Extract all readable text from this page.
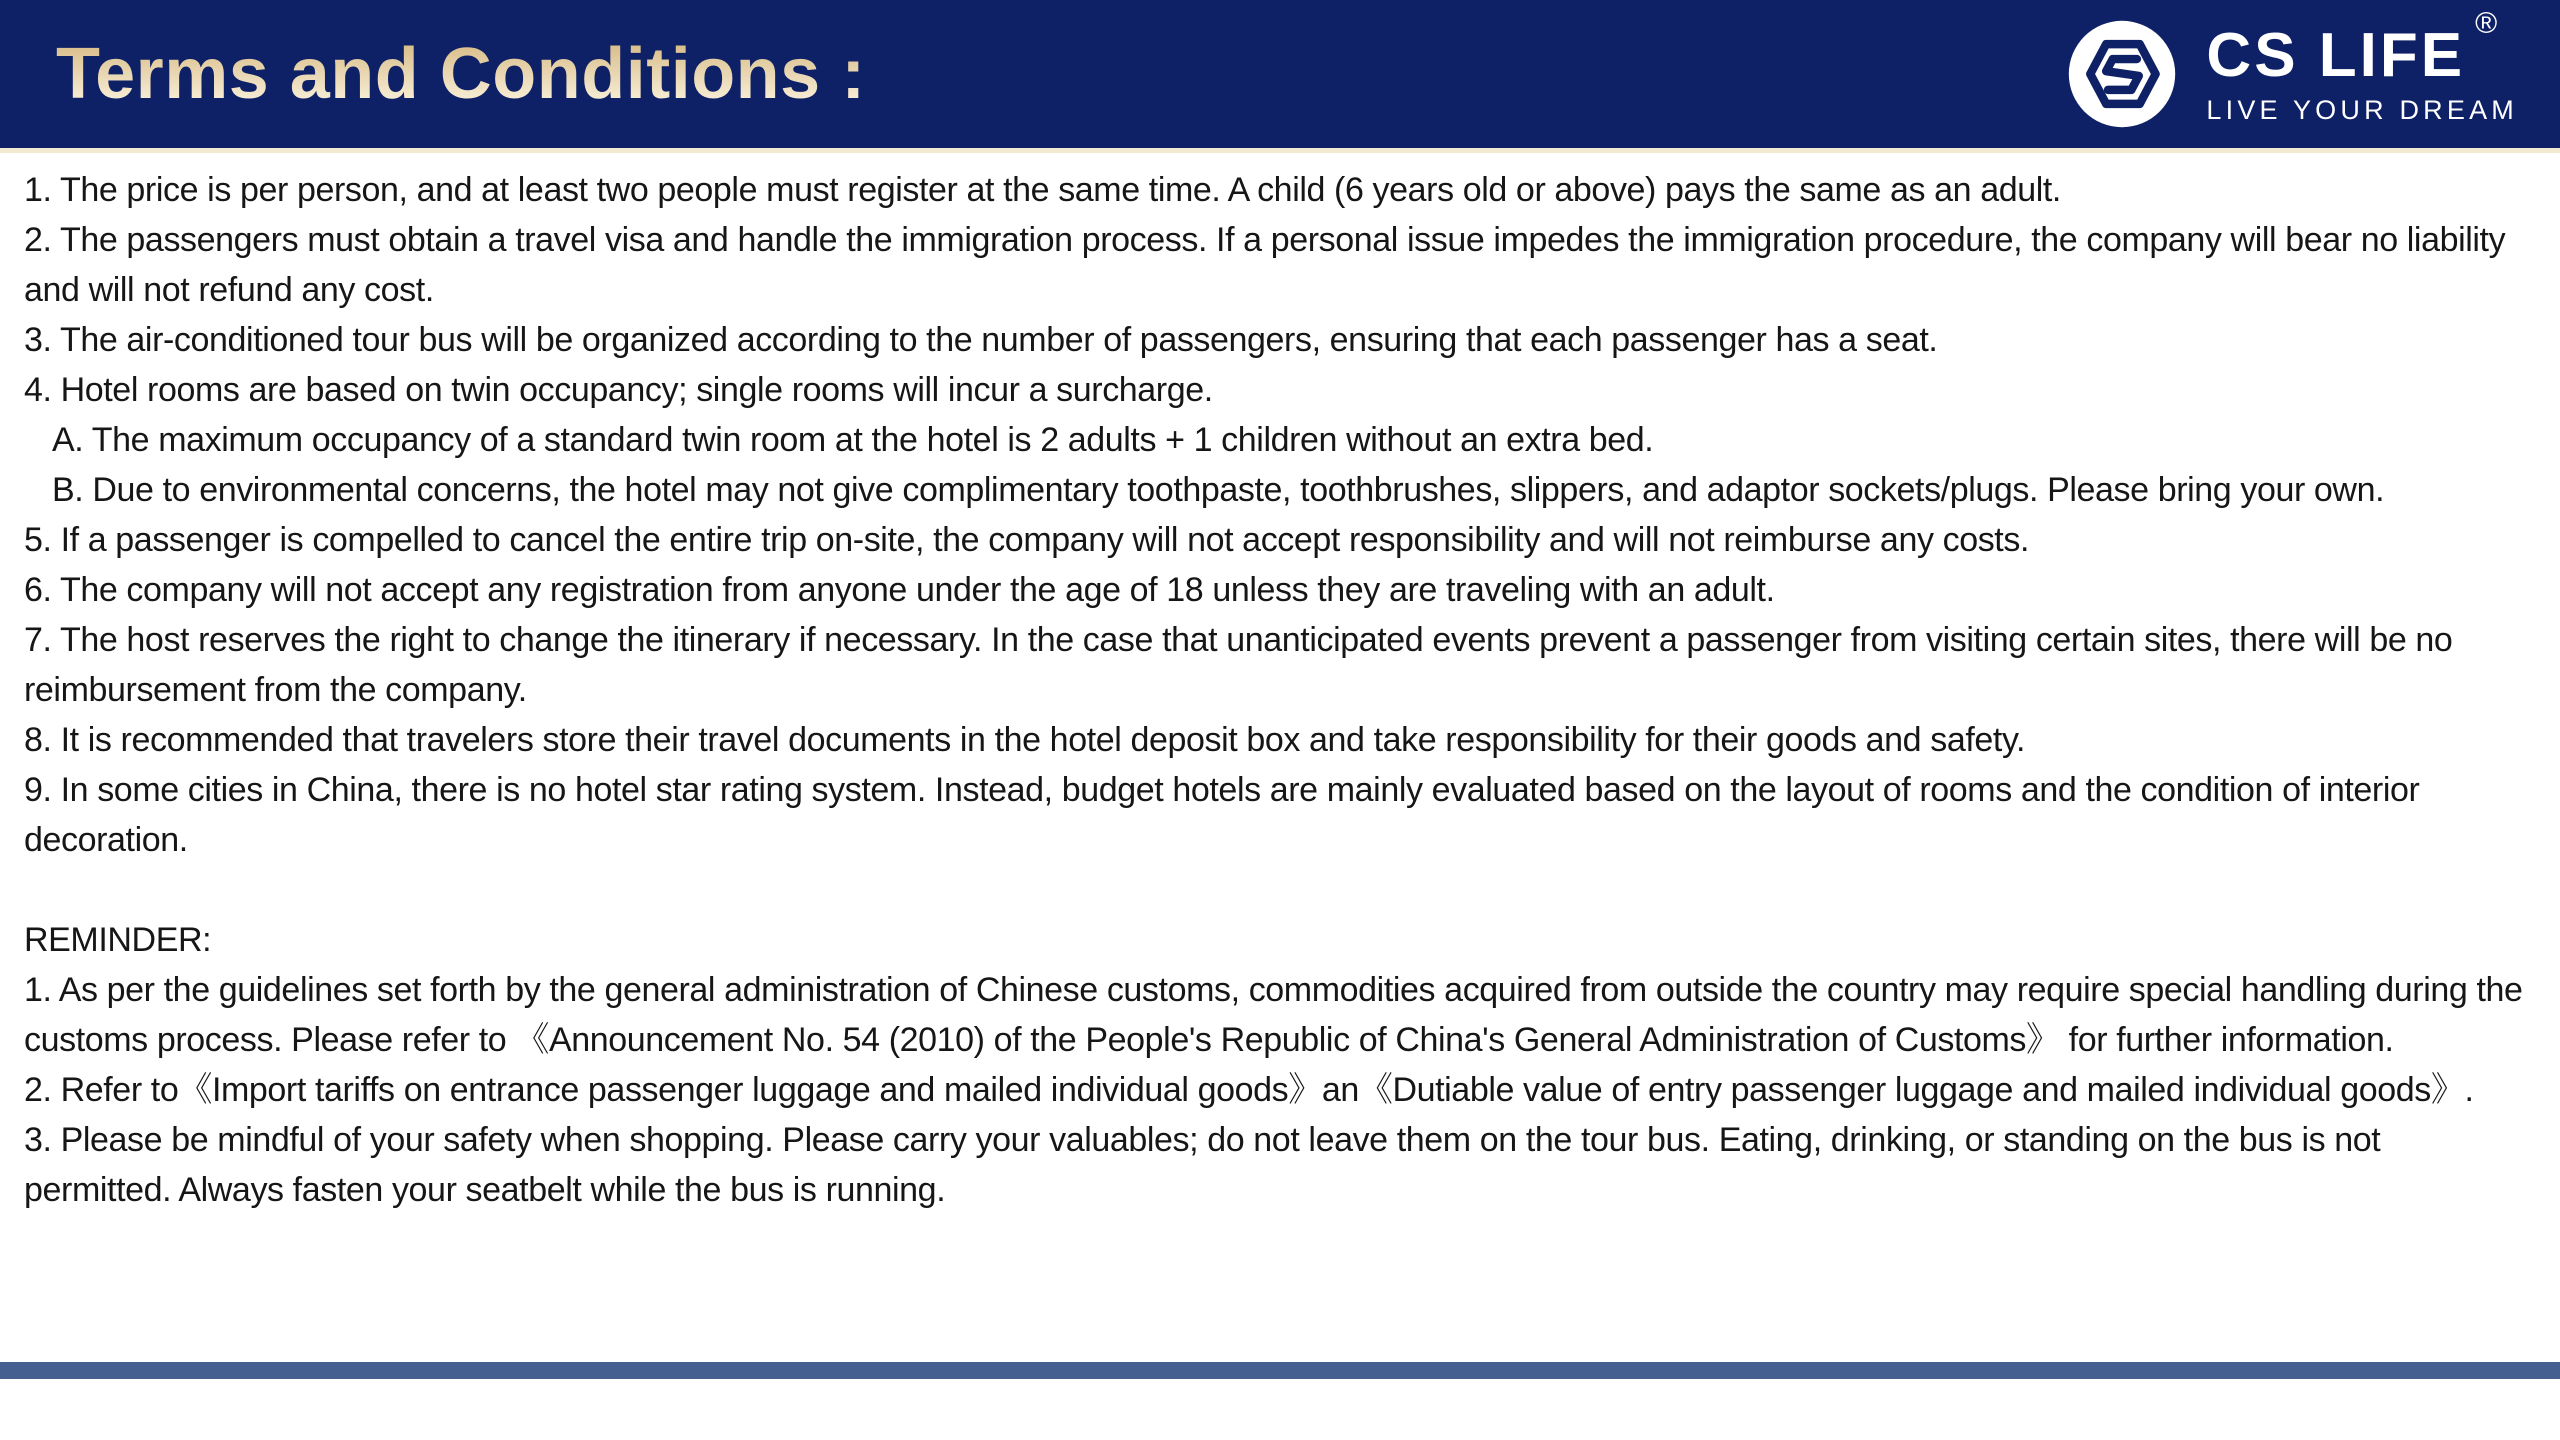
Terms and Conditions :	CS LIFE ®
LIVE YOUR DREAM

1. The price is per person, and at least two people must register at the same time. A child (6 years old or above) pays the same as an adult.

2. The passengers must obtain a travel visa and handle the immigration process. If a personal issue impedes the immigration procedure, the company will bear no liability and will not refund any cost.

3. The air-conditioned tour bus will be organized according to the number of passengers, ensuring that each passenger has a seat.

4. Hotel rooms are based on twin occupancy; single rooms will incur a surcharge.

A. The maximum occupancy of a standard twin room at the hotel is 2 adults + 1 children without an extra bed.

B. Due to environmental concerns, the hotel may not give complimentary toothpaste, toothbrushes, slippers, and adaptor sockets/plugs. Please bring your own.

5. If a passenger is compelled to cancel the entire trip on-site, the company will not accept responsibility and will not reimburse any costs.

6. The company will not accept any registration from anyone under the age of 18 unless they are traveling with an adult.

7. The host reserves the right to change the itinerary if necessary. In the case that unanticipated events prevent a passenger from visiting certain sites, there will be no reimbursement from the company.

8. It is recommended that travelers store their travel documents in the hotel deposit box and take responsibility for their goods and safety.

9. In some cities in China, there is no hotel star rating system. Instead, budget hotels are mainly evaluated based on the layout of rooms and the condition of interior decoration.

REMINDER:

1. As per the guidelines set forth by the general administration of Chinese customs, commodities acquired from outside the country may require special handling during the customs process. Please refer to 《Announcement No. 54 (2010) of the People's Republic of China's General Administration of Customs》 for further information.

2. Refer to《Import tariffs on entrance passenger luggage and mailed individual goods》an《Dutiable value of entry passenger luggage and mailed individual goods》.

3. Please be mindful of your safety when shopping. Please carry your valuables; do not leave them on the tour bus. Eating, drinking, or standing on the bus is not permitted. Always fasten your seatbelt while the bus is running.
